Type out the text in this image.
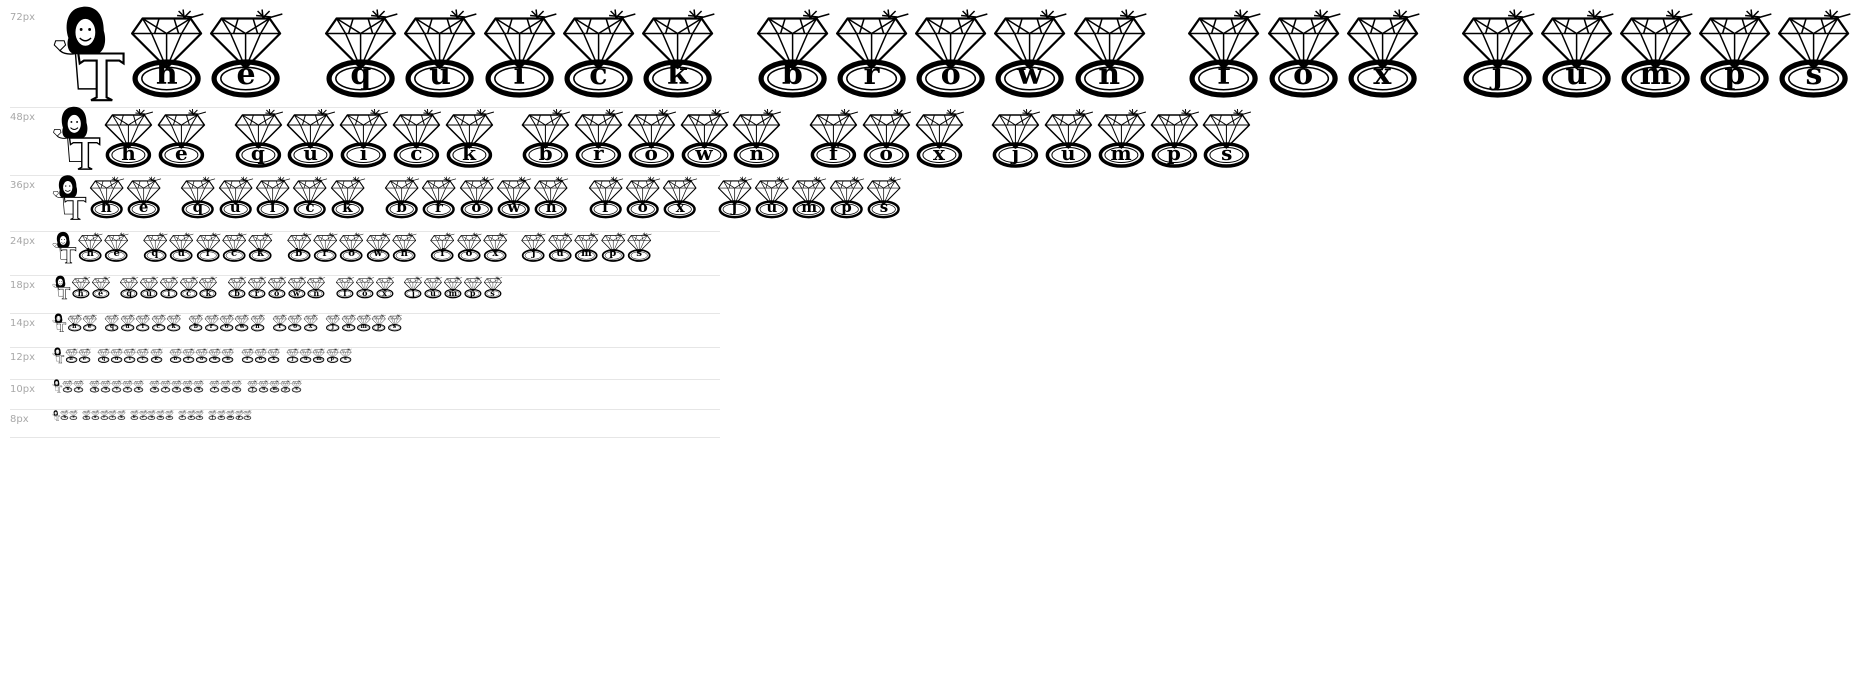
72px
h	e	q	u	i	c	k	b	r	o	w	n	f	o	x	j	u	m	p	s
48px
h	e	q	u	i	c	k	b	r	o	w	n	f	o	x	j	u	m	p	s
36px
h	e	q	u	i	c	k	b	r	o	w	n	f	o	x	j	u	m	p	s
24px
h	e	q	u	i	c	k	b	r	o	w	n	f	o	x	j	u	m	p	s
18px
h	e	q	u	i	c	k	b	r	o	w	n	f	o	x	j	u	m	p	s
14px	h	e	q	u	i	c	k	b	r	o	w	n	f	o	x	j	u	m	p	s
12px	h	e	q	u	i	c	k	b	r	o	w	n	f	o	x	j	u	m	p	s
10px	h	e	q	u	i	c	k	b	r	o	w	n	f	o	x	j	u	m	p	s
8px	h	e	q	u	i	c	k	b	r	o	w	n	f	o	x	j	u	m	p	s
